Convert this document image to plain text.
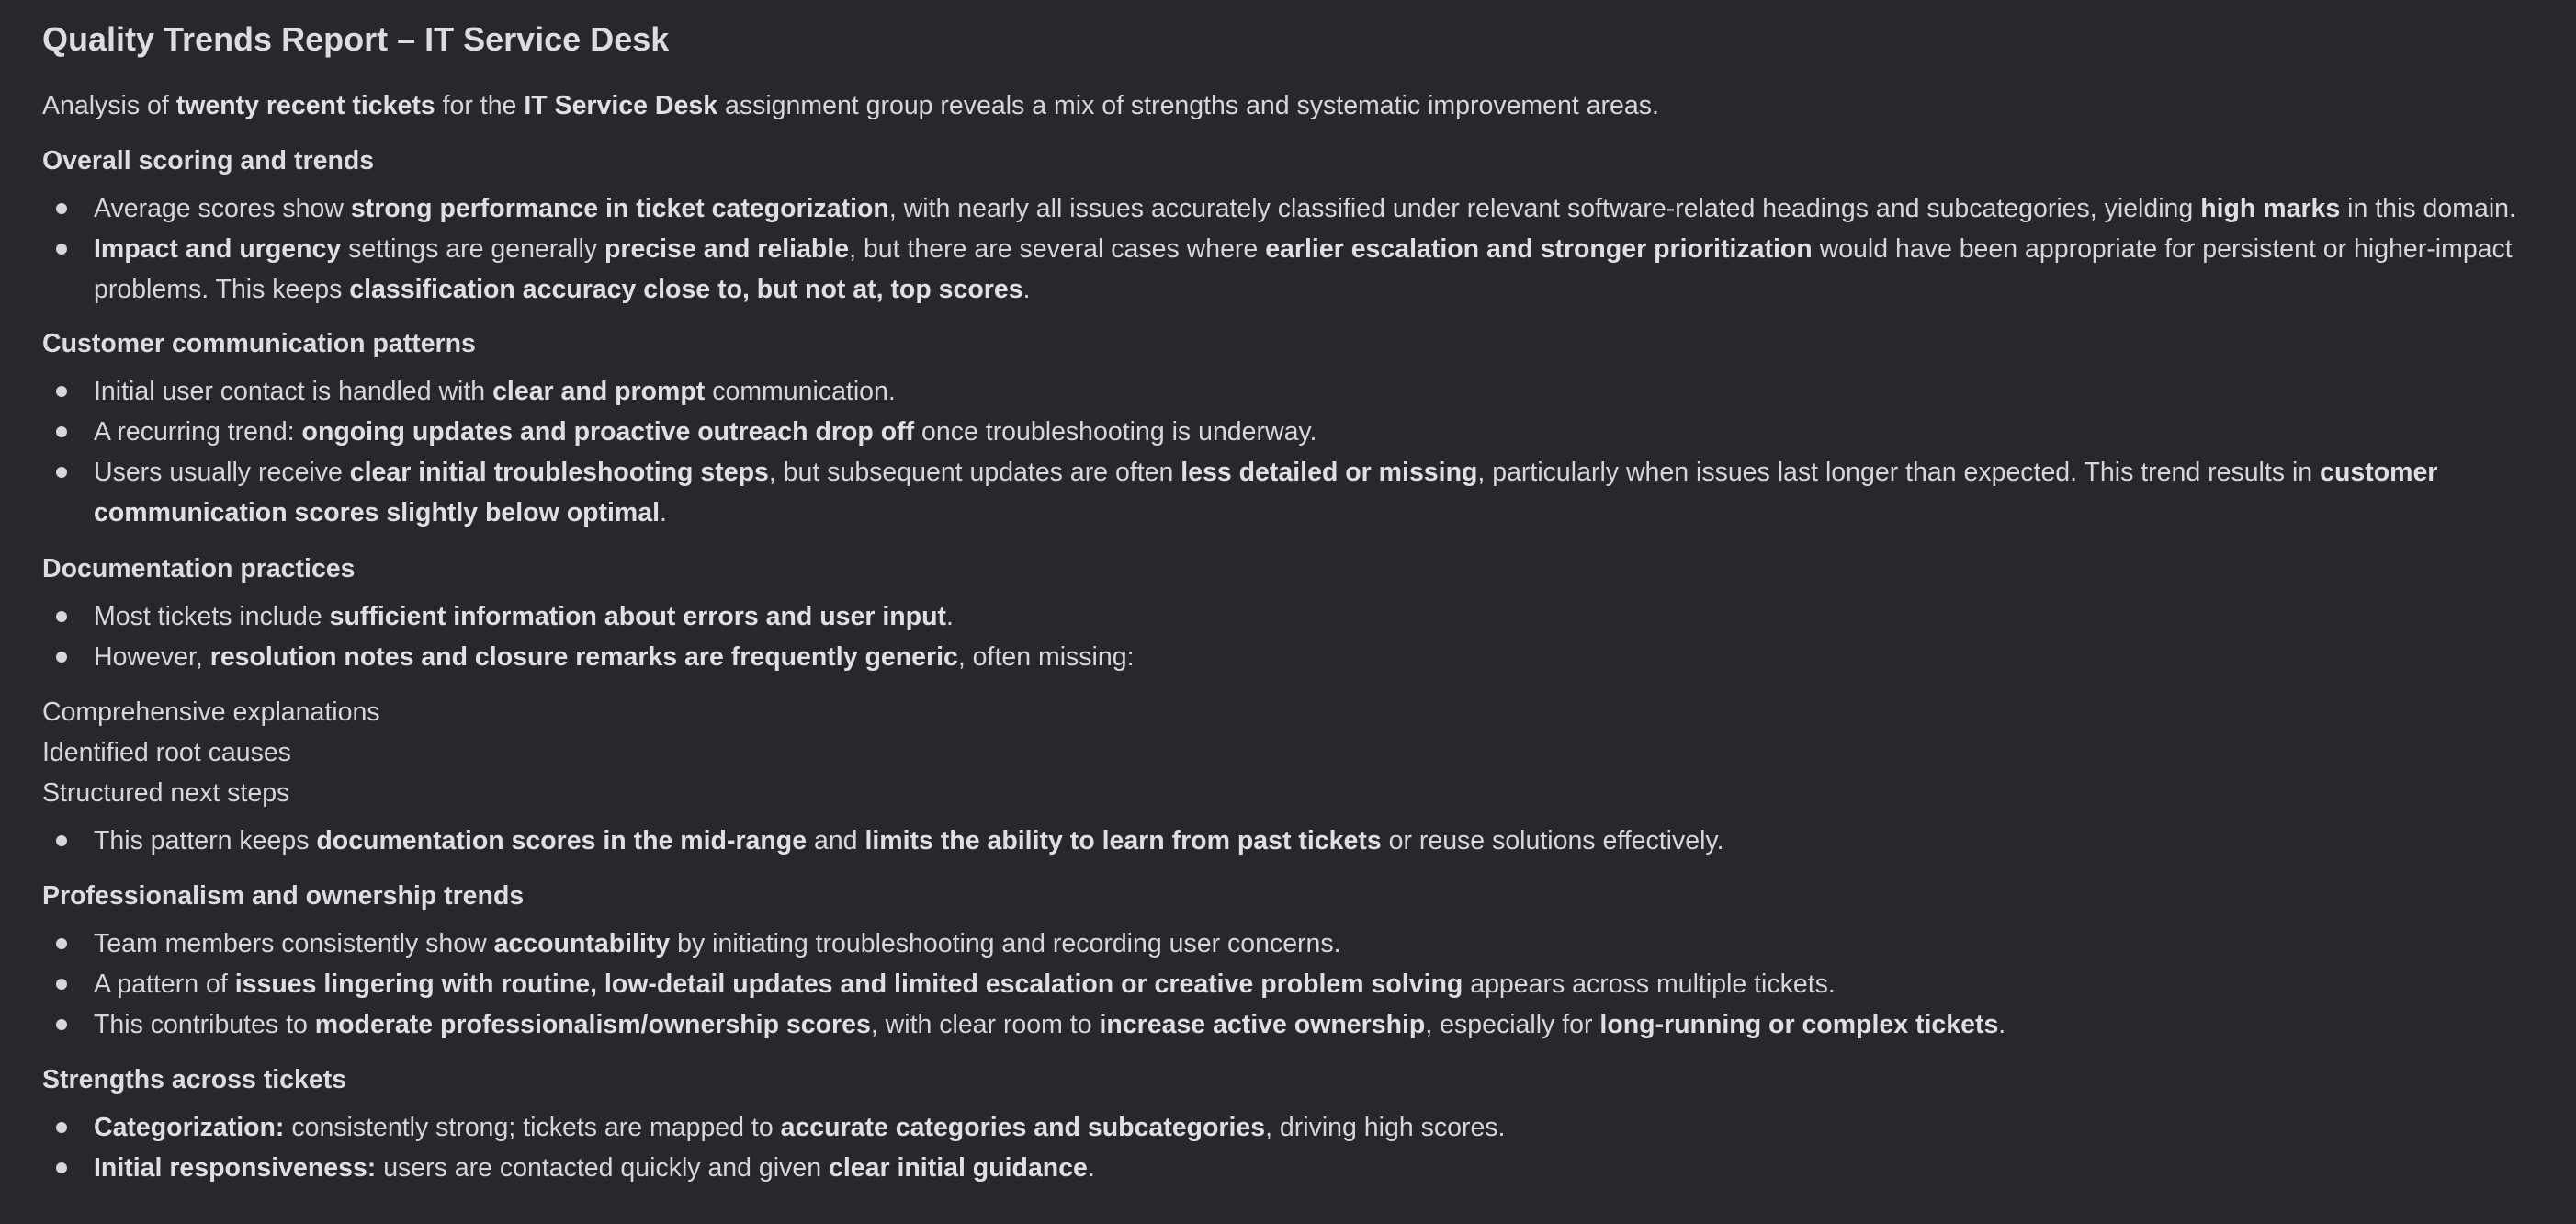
Quality Trends Report – IT Service Desk
Analysis of twenty recent tickets for the IT Service Desk assignment group reveals a mix of strengths and systematic improvement areas.
Overall scoring and trends
Average scores show strong performance in ticket categorization, with nearly all issues accurately classified under relevant software-related headings and subcategories, yielding high marks in this domain.
Impact and urgency settings are generally precise and reliable, but there are several cases where earlier escalation and stronger prioritization would have been appropriate for persistent or higher-impact
problems. This keeps classification accuracy close to, but not at, top scores.
Customer communication patterns
Initial user contact is handled with clear and prompt communication.
A recurring trend: ongoing updates and proactive outreach drop off once troubleshooting is underway.
Users usually receive clear initial troubleshooting steps, but subsequent updates are often less detailed or missing, particularly when issues last longer than expected. This trend results in customer
communication scores slightly below optimal.
Documentation practices
Most tickets include sufficient information about errors and user input.
However, resolution notes and closure remarks are frequently generic, often missing:
Comprehensive explanations
Identified root causes
Structured next steps
This pattern keeps documentation scores in the mid-range and limits the ability to learn from past tickets or reuse solutions effectively.
Professionalism and ownership trends
Team members consistently show accountability by initiating troubleshooting and recording user concerns.
A pattern of issues lingering with routine, low-detail updates and limited escalation or creative problem solving appears across multiple tickets.
This contributes to moderate professionalism/ownership scores, with clear room to increase active ownership, especially for long-running or complex tickets.
Strengths across tickets
Categorization: consistently strong; tickets are mapped to accurate categories and subcategories, driving high scores.
Initial responsiveness: users are contacted quickly and given clear initial guidance.
